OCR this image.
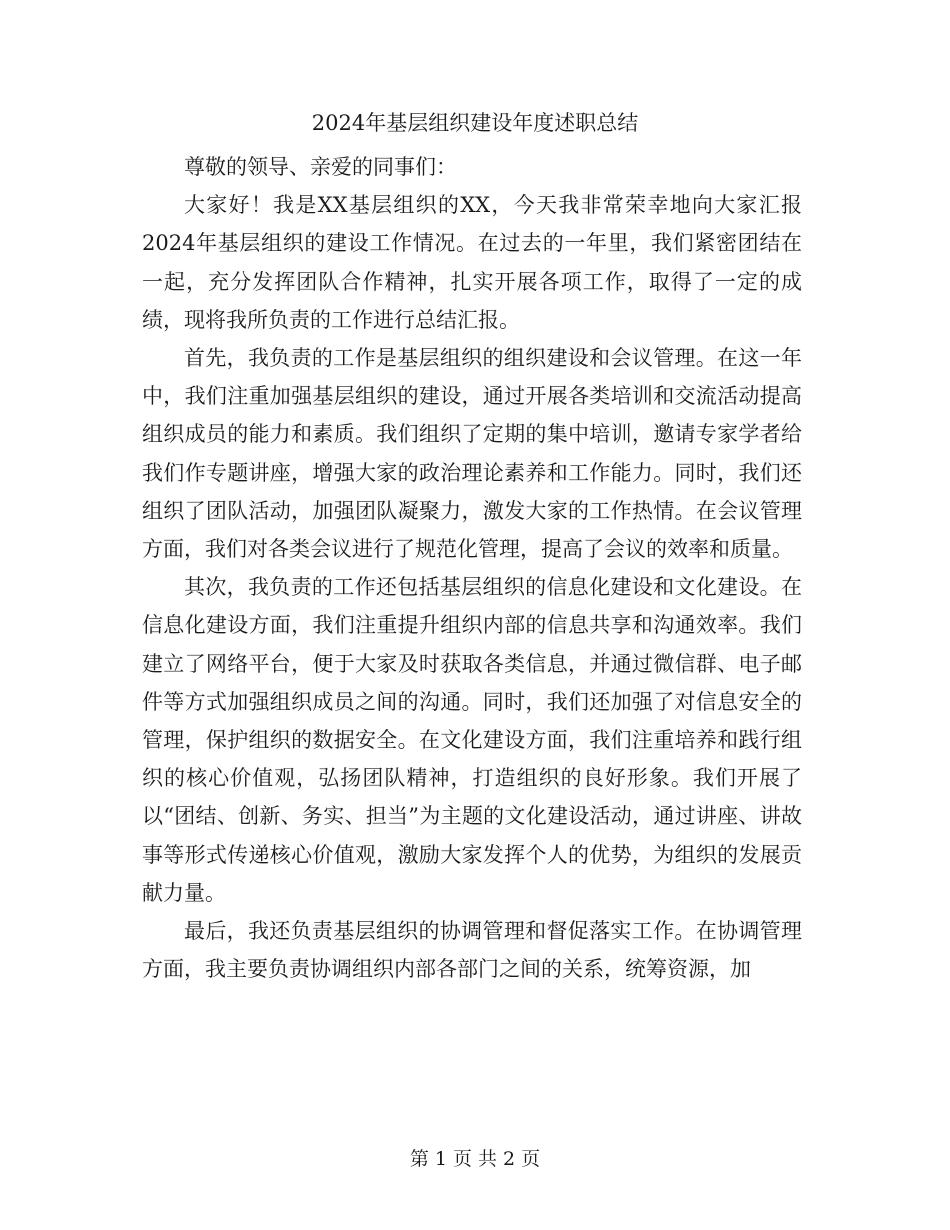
2024年基层组织建设年度述职总结

尊敬的领导、亲爱的同事们：

大家好！我是XX基层组织的XX，今天我非常荣幸地向大家汇报2024年基层组织的建设工作情况。在过去的一年里，我们紧密团结在一起，充分发挥团队合作精神，扎实开展各项工作，取得了一定的成绩，现将我所负责的工作进行总结汇报。

首先，我负责的工作是基层组织的组织建设和会议管理。在这一年中，我们注重加强基层组织的建设，通过开展各类培训和交流活动提高组织成员的能力和素质。我们组织了定期的集中培训，邀请专家学者给我们作专题讲座，增强大家的政治理论素养和工作能力。同时，我们还组织了团队活动，加强团队凝聚力，激发大家的工作热情。在会议管理方面，我们对各类会议进行了规范化管理，提高了会议的效率和质量。

其次，我负责的工作还包括基层组织的信息化建设和文化建设。在信息化建设方面，我们注重提升组织内部的信息共享和沟通效率。我们建立了网络平台，便于大家及时获取各类信息，并通过微信群、电子邮件等方式加强组织成员之间的沟通。同时，我们还加强了对信息安全的管理，保护组织的数据安全。在文化建设方面，我们注重培养和践行组织的核心价值观，弘扬团队精神，打造组织的良好形象。我们开展了以“团结、创新、务实、担当”为主题的文化建设活动，通过讲座、讲故事等形式传递核心价值观，激励大家发挥个人的优势，为组织的发展贡献力量。

最后，我还负责基层组织的协调管理和督促落实工作。在协调管理方面，我主要负责协调组织内部各部门之间的关系，统筹资源，加

第 1 页 共 2 页
